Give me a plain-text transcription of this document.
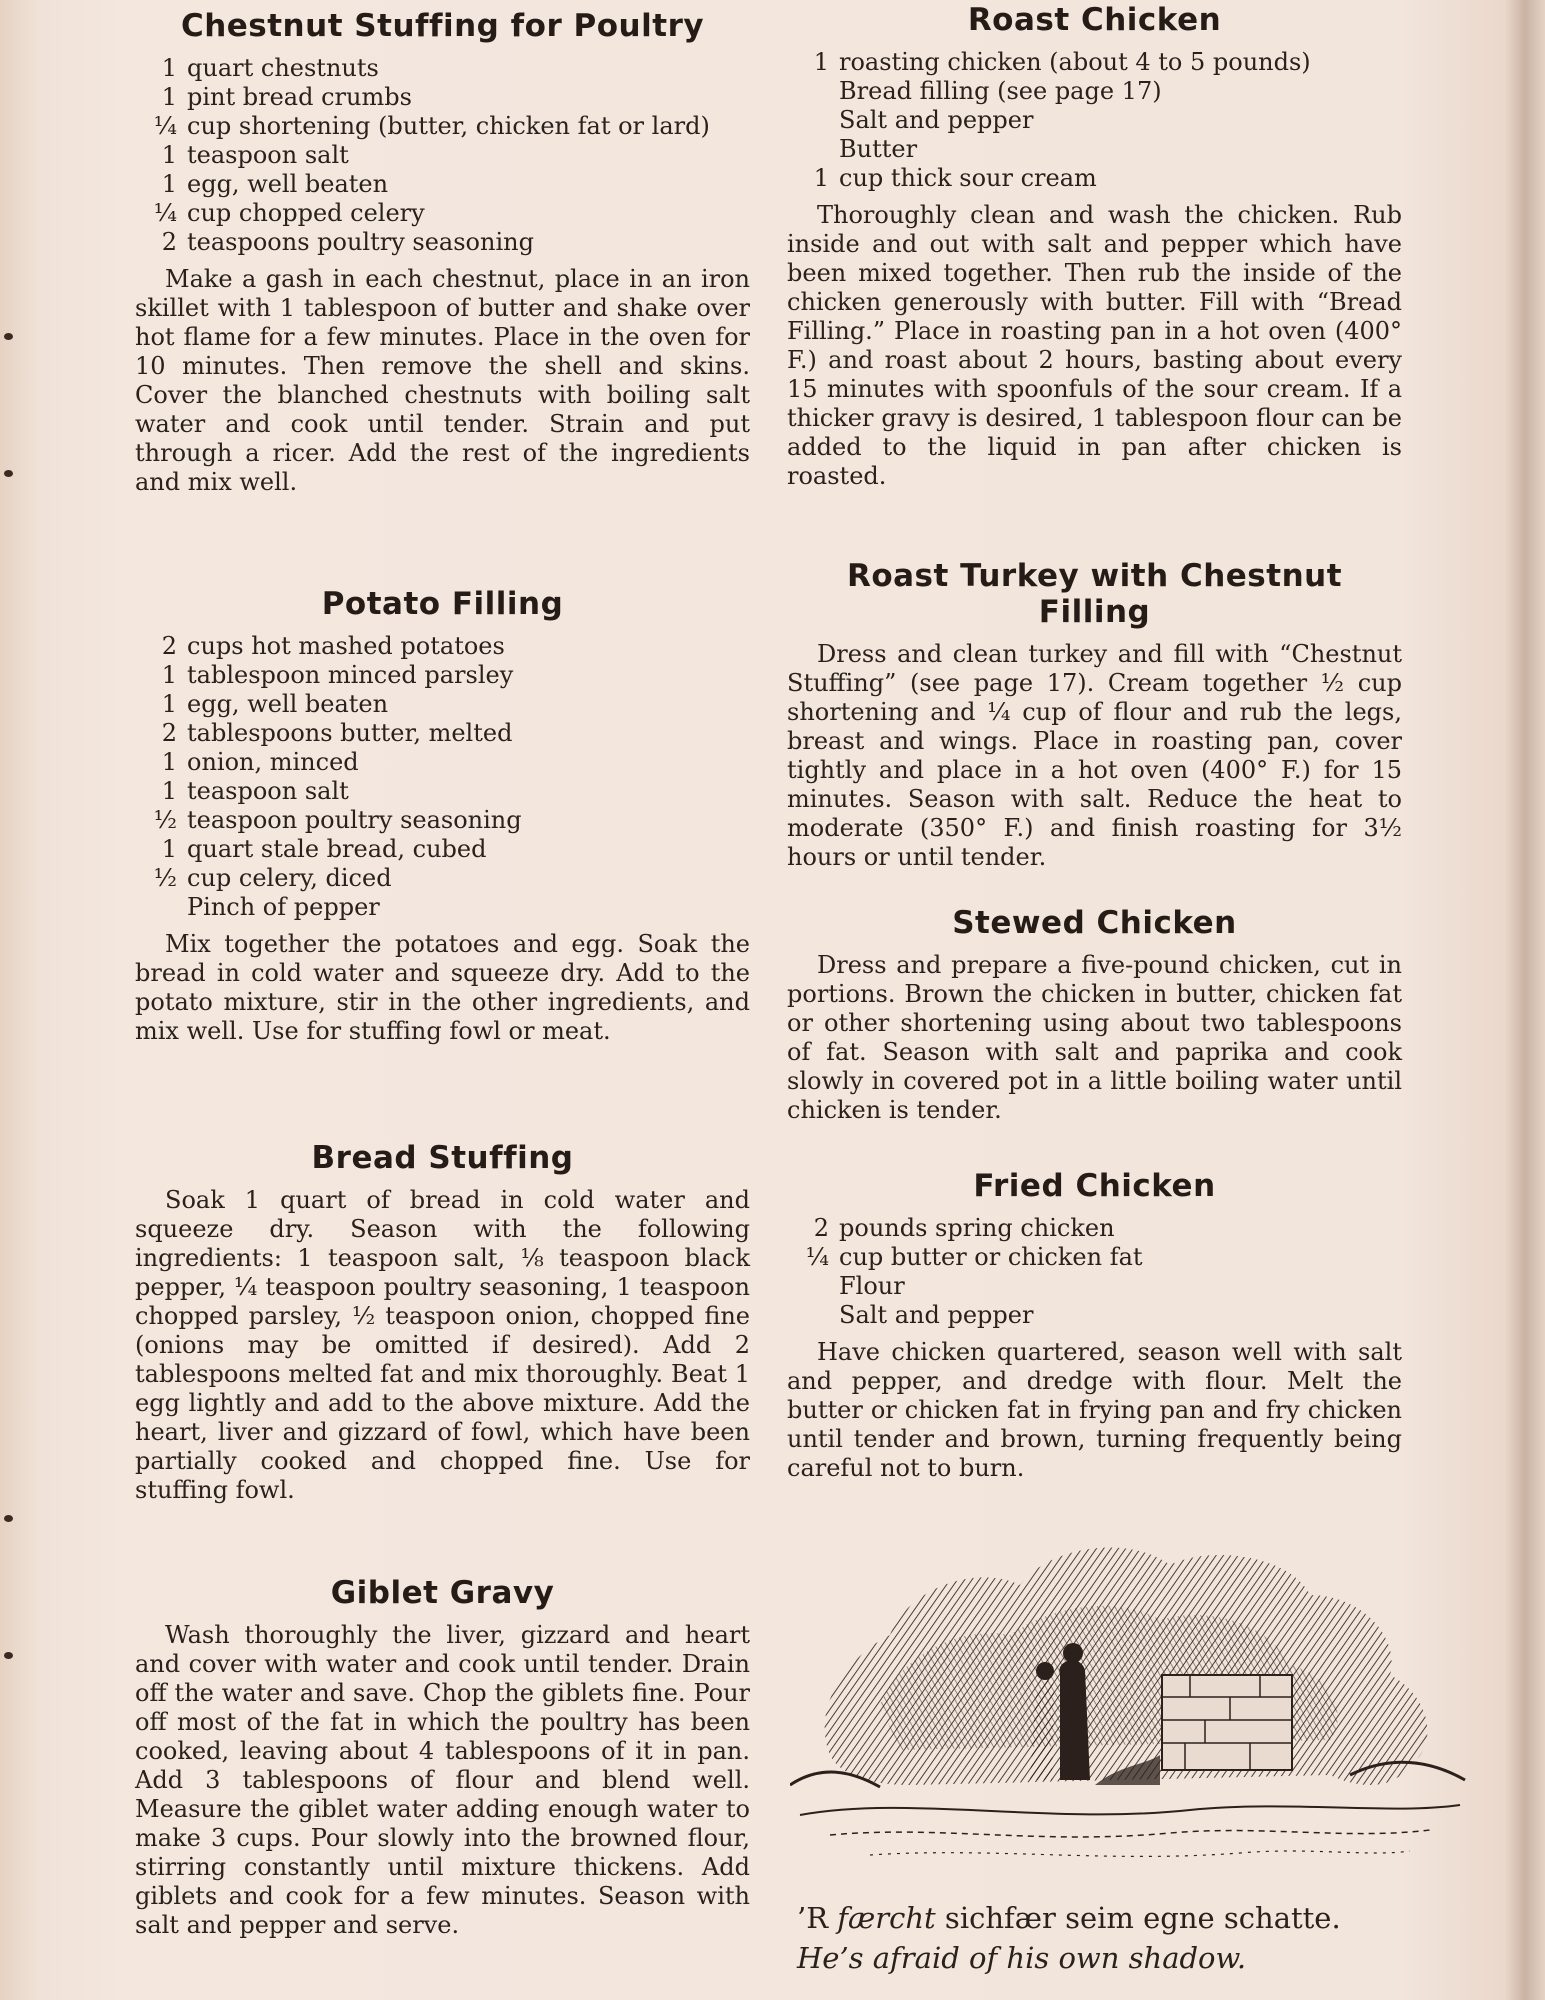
Chestnut Stuffing for Poultry
1 quart chestnuts
1 pint bread crumbs
¼ cup shortening (butter, chicken fat or lard)
1 teaspoon salt
1 egg, well beaten
¼ cup chopped celery
2 teaspoons poultry seasoning

Make a gash in each chestnut, place in an iron skillet with 1 tablespoon of butter and shake over hot flame for a few minutes. Place in the oven for 10 minutes. Then remove the shell and skins. Cover the blanched chestnuts with boiling salt water and cook until tender. Strain and put through a ricer. Add the rest of the ingredients and mix well.

Potato Filling
2 cups hot mashed potatoes
1 tablespoon minced parsley
1 egg, well beaten
2 tablespoons butter, melted
1 onion, minced
1 teaspoon salt
½ teaspoon poultry seasoning
1 quart stale bread, cubed
½ cup celery, diced
Pinch of pepper

Mix together the potatoes and egg. Soak the bread in cold water and squeeze dry. Add to the potato mixture, stir in the other ingredients, and mix well. Use for stuffing fowl or meat.

Bread Stuffing

Soak 1 quart of bread in cold water and squeeze dry. Season with the following ingredients: 1 teaspoon salt, ⅛ teaspoon black pepper, ¼ teaspoon poultry seasoning, 1 teaspoon chopped parsley, ½ teaspoon onion, chopped fine (onions may be omitted if desired). Add 2 tablespoons melted fat and mix thoroughly. Beat 1 egg lightly and add to the above mixture. Add the heart, liver and gizzard of fowl, which have been partially cooked and chopped fine. Use for stuffing fowl.

Giblet Gravy

Wash thoroughly the liver, gizzard and heart and cover with water and cook until tender. Drain off the water and save. Chop the giblets fine. Pour off most of the fat in which the poultry has been cooked, leaving about 4 tablespoons of it in pan. Add 3 tablespoons of flour and blend well. Measure the giblet water adding enough water to make 3 cups. Pour slowly into the browned flour, stirring constantly until mixture thickens. Add giblets and cook for a few minutes. Season with salt and pepper and serve.

Roast Chicken
1 roasting chicken (about 4 to 5 pounds)
Bread filling (see page 17)
Salt and pepper
Butter
1 cup thick sour cream

Thoroughly clean and wash the chicken. Rub inside and out with salt and pepper which have been mixed together. Then rub the inside of the chicken generously with butter. Fill with “Bread Filling.” Place in roasting pan in a hot oven (400° F.) and roast about 2 hours, basting about every 15 minutes with spoonfuls of the sour cream. If a thicker gravy is desired, 1 tablespoon flour can be added to the liquid in pan after chicken is roasted.

Roast Turkey with Chestnut Filling

Dress and clean turkey and fill with “Chestnut Stuffing” (see page 17). Cream together ½ cup shortening and ¼ cup of flour and rub the legs, breast and wings. Place in roasting pan, cover tightly and place in a hot oven (400° F.) for 15 minutes. Season with salt. Reduce the heat to moderate (350° F.) and finish roasting for 3½ hours or until tender.

Stewed Chicken

Dress and prepare a five-pound chicken, cut in portions. Brown the chicken in butter, chicken fat or other shortening using about two tablespoons of fat. Season with salt and paprika and cook slowly in covered pot in a little boiling water until chicken is tender.

Fried Chicken
2 pounds spring chicken
¼ cup butter or chicken fat
Flour
Salt and pepper

Have chicken quartered, season well with salt and pepper, and dredge with flour. Melt the butter or chicken fat in frying pan and fry chicken until tender and brown, turning frequently being careful not to burn.

’R færcht sichfær seim egne schatte.
He’s afraid of his own shadow.
